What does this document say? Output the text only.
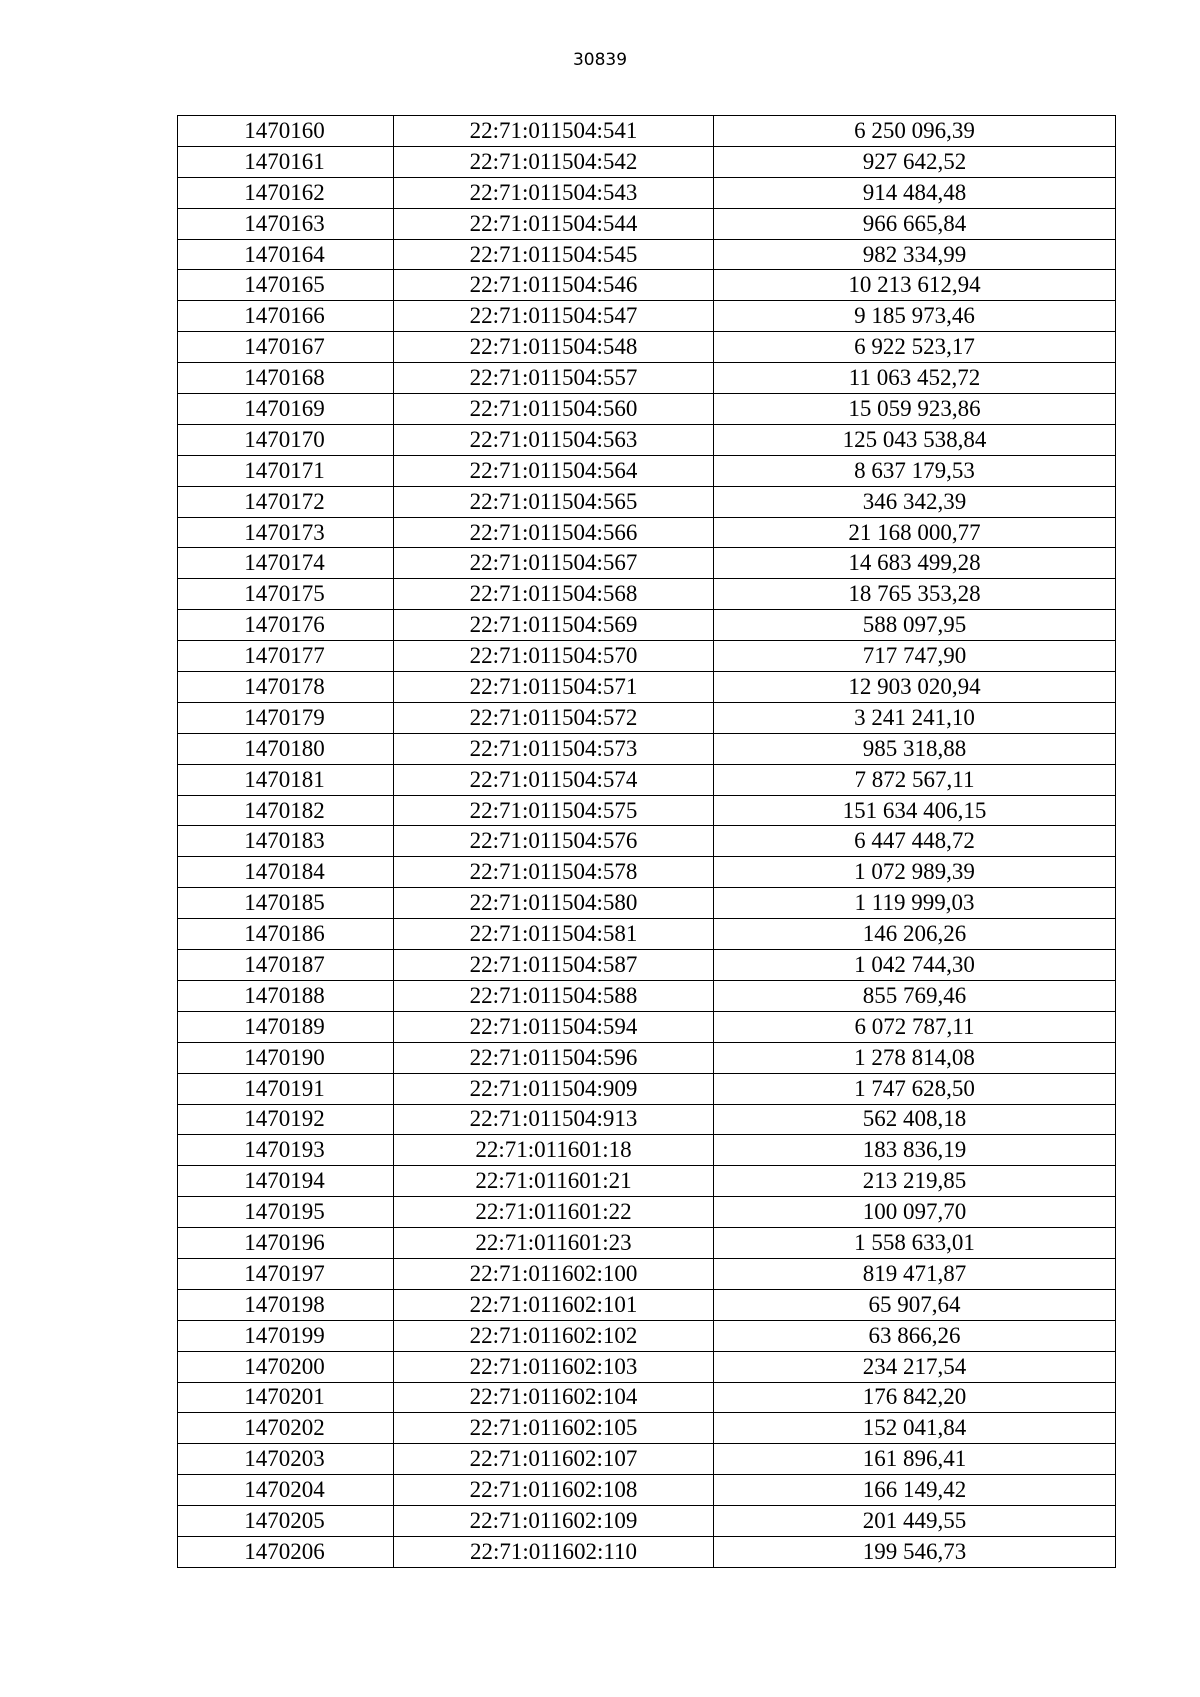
30839
1470160	22:71:011504:541	6 250 096,39
1470161	22:71:011504:542	927 642,52
1470162	22:71:011504:543	914 484,48
1470163	22:71:011504:544	966 665,84
1470164	22:71:011504:545	982 334,99
1470165	22:71:011504:546	10 213 612,94
1470166	22:71:011504:547	9 185 973,46
1470167	22:71:011504:548	6 922 523,17
1470168	22:71:011504:557	11 063 452,72
1470169	22:71:011504:560	15 059 923,86
1470170	22:71:011504:563	125 043 538,84
1470171	22:71:011504:564	8 637 179,53
1470172	22:71:011504:565	346 342,39
1470173	22:71:011504:566	21 168 000,77
1470174	22:71:011504:567	14 683 499,28
1470175	22:71:011504:568	18 765 353,28
1470176	22:71:011504:569	588 097,95
1470177	22:71:011504:570	717 747,90
1470178	22:71:011504:571	12 903 020,94
1470179	22:71:011504:572	3 241 241,10
1470180	22:71:011504:573	985 318,88
1470181	22:71:011504:574	7 872 567,11
1470182	22:71:011504:575	151 634 406,15
1470183	22:71:011504:576	6 447 448,72
1470184	22:71:011504:578	1 072 989,39
1470185	22:71:011504:580	1 119 999,03
1470186	22:71:011504:581	146 206,26
1470187	22:71:011504:587	1 042 744,30
1470188	22:71:011504:588	855 769,46
1470189	22:71:011504:594	6 072 787,11
1470190	22:71:011504:596	1 278 814,08
1470191	22:71:011504:909	1 747 628,50
1470192	22:71:011504:913	562 408,18
1470193	22:71:011601:18	183 836,19
1470194	22:71:011601:21	213 219,85
1470195	22:71:011601:22	100 097,70
1470196	22:71:011601:23	1 558 633,01
1470197	22:71:011602:100	819 471,87
1470198	22:71:011602:101	65 907,64
1470199	22:71:011602:102	63 866,26
1470200	22:71:011602:103	234 217,54
1470201	22:71:011602:104	176 842,20
1470202	22:71:011602:105	152 041,84
1470203	22:71:011602:107	161 896,41
1470204	22:71:011602:108	166 149,42
1470205	22:71:011602:109	201 449,55
1470206	22:71:011602:110	199 546,73
